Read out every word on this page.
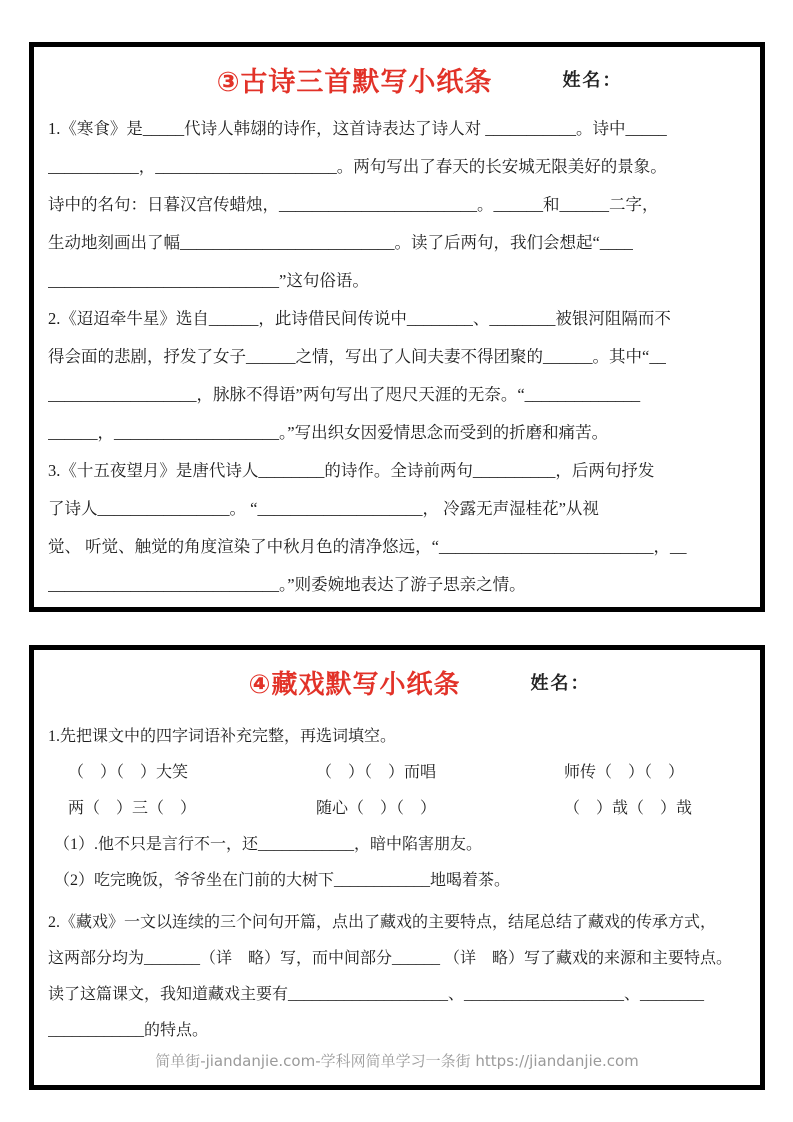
③古诗三首默写小纸条	姓名：
1.《寒食》是_____代诗人韩翃的诗作，这首诗表达了诗人对 ___________。诗中_____
___________，______________________。两句写出了春天的长安城无限美好的景象。
诗中的名句：日暮汉宫传蜡烛，________________________。______和______二字，
生动地刻画出了幅__________________________。读了后两句，我们会想起“____
____________________________”这句俗语。
2.《迢迢牵牛星》选自______，此诗借民间传说中________、________被银河阻隔而不
得会面的悲剧，抒发了女子______之情，写出了人间夫妻不得团聚的______。其中“__
__________________，脉脉不得语”两句写出了咫尺天涯的无奈。“______________
______，____________________。”写出织女因爱情思念而受到的折磨和痛苦。
3.《十五夜望月》是唐代诗人________的诗作。全诗前两句__________，后两句抒发
了诗人________________。 “____________________， 冷露无声湿桂花”从视
觉、 听觉、触觉的角度渲染了中秋月色的清净悠远，“__________________________，__
____________________________。”则委婉地表达了游子思亲之情。
④藏戏默写小纸条	姓名：
1.先把课文中的四字词语补充完整，再选词填空。
（　）（　）大笑	（　）（　）而唱	师传（　）（　）
两（　）三（　）	随心（　）（　）	（　）哉（　）哉
（1）.他不只是言行不一，还____________，暗中陷害朋友。
（2）吃完晚饭，爷爷坐在门前的大树下____________地喝着茶。
2.《藏戏》一文以连续的三个问句开篇，点出了藏戏的主要特点，结尾总结了藏戏的传承方式，
这两部分均为_______（详　略）写，而中间部分______ （详　略）写了藏戏的来源和主要特点。
读了这篇课文，我知道藏戏主要有____________________、____________________、________
____________的特点。
简单街-jiandanjie.com-学科网简单学习一条街 https://jiandanjie.com
